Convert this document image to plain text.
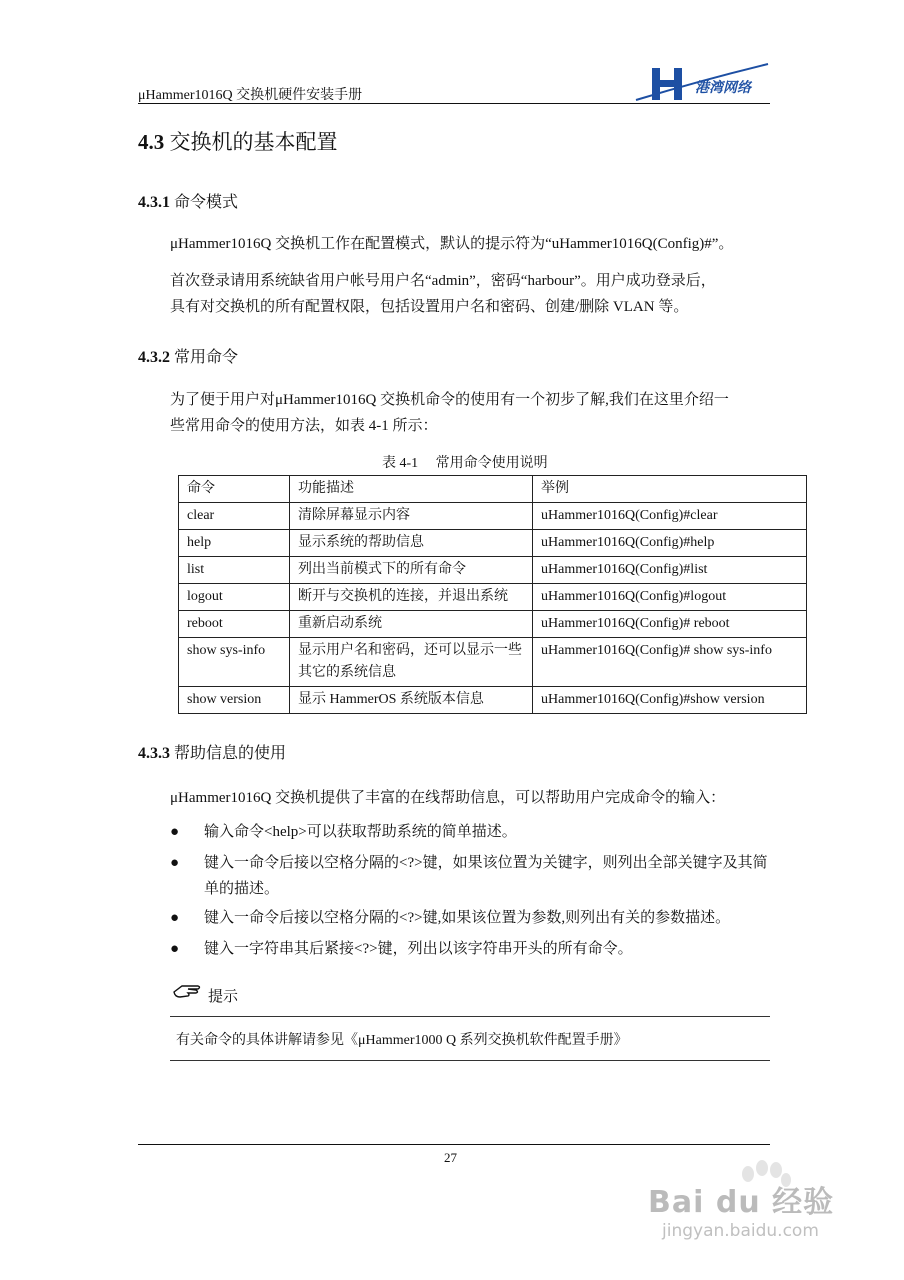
μHammer1016Q 交换机硬件安装手册	港湾网络
4.3 交换机的基本配置
4.3.1 命令模式
μHammer1016Q 交换机工作在配置模式，默认的提示符为“uHammer1016Q(Config)#”。
首次登录请用系统缺省用户帐号用户名“admin”，密码“harbour”。用户成功登录后，
具有对交换机的所有配置权限，包括设置用户名和密码、创建/删除 VLAN 等。
4.3.2 常用命令
为了便于用户对μHammer1016Q 交换机命令的使用有一个初步了解,我们在这里介绍一
些常用命令的使用方法，如表 4-1 所示：
表 4-1　 常用命令使用说明
命令	功能描述	举例
clear	清除屏幕显示内容	uHammer1016Q(Config)#clear
help	显示系统的帮助信息	uHammer1016Q(Config)#help
list	列出当前模式下的所有命令	uHammer1016Q(Config)#list
logout	断开与交换机的连接，并退出系统	uHammer1016Q(Config)#logout
reboot	重新启动系统	uHammer1016Q(Config)# reboot
show sys-info	显示用户名和密码，还可以显示一些其它的系统信息	uHammer1016Q(Config)# show sys-info
show version	显示 HammerOS 系统版本信息	uHammer1016Q(Config)#show version
4.3.3 帮助信息的使用
μHammer1016Q 交换机提供了丰富的在线帮助信息，可以帮助用户完成命令的输入：
● 输入命令<help>可以获取帮助系统的简单描述。
● 键入一命令后接以空格分隔的<?>键，如果该位置为关键字，则列出全部关键字及其简单的描述。
● 键入一命令后接以空格分隔的<?>键,如果该位置为参数,则列出有关的参数描述。
● 键入一字符串其后紧接<?>键，列出以该字符串开头的所有命令。
提示
有关命令的具体讲解请参见《μHammer1000 Q 系列交换机软件配置手册》
27
Bai du 经验
jingyan.baidu.com
